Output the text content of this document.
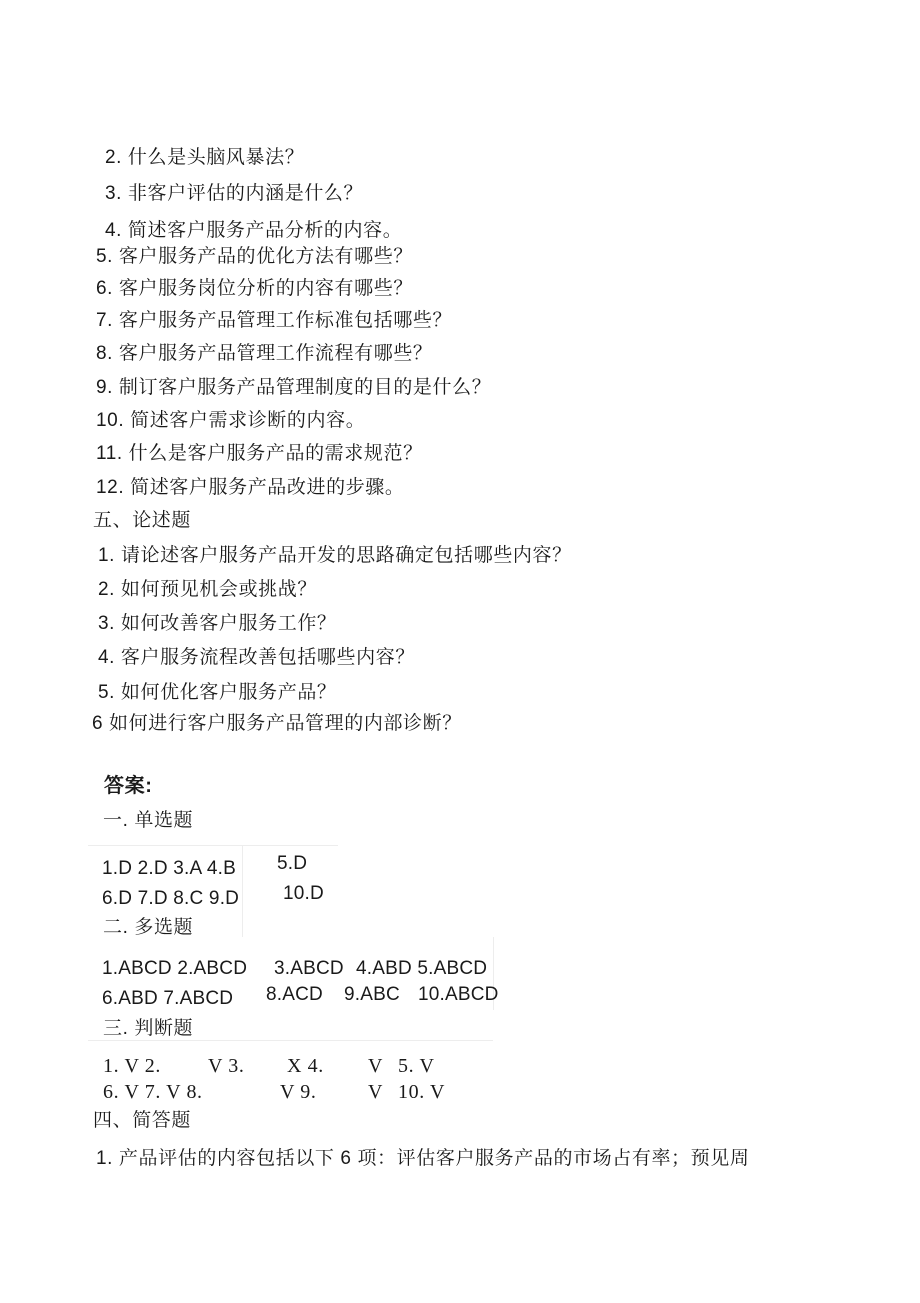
2. 什么是头脑风暴法？
3. 非客户评估的内涵是什么？
4. 简述客户服务产品分析的内容。
5. 客户服务产品的优化方法有哪些？
6. 客户服务岗位分析的内容有哪些？
7. 客户服务产品管理工作标准包括哪些？
8. 客户服务产品管理工作流程有哪些？
9. 制订客户服务产品管理制度的目的是什么？
10. 简述客户需求诊断的内容。
11. 什么是客户服务产品的需求规范？
12. 简述客户服务产品改进的步骤。
五、论述题
1. 请论述客户服务产品开发的思路确定包括哪些内容？
2. 如何预见机会或挑战？
3. 如何改善客户服务工作？
4. 客户服务流程改善包括哪些内容？
5. 如何优化客户服务产品？
6 如何进行客户服务产品管理的内部诊断？
答案:
一. 单选题
1.D 2.D 3.A 4.B 5.D
6.D 7.D 8.C 9.D 10.D
二. 多选题
1.ABCD 2.ABCD 3.ABCD 4.ABD 5.ABCD
6.ABD 7.ABCD 8.ACD 9.ABC 10.ABCD
三. 判断题
1. V 2. V 3. X 4. V 5. V
6. V 7. V 8.	V 9.	V 10. V
四、简答题
1. 产品评估的内容包括以下 6 项：评估客户服务产品的市场占有率；预见周
